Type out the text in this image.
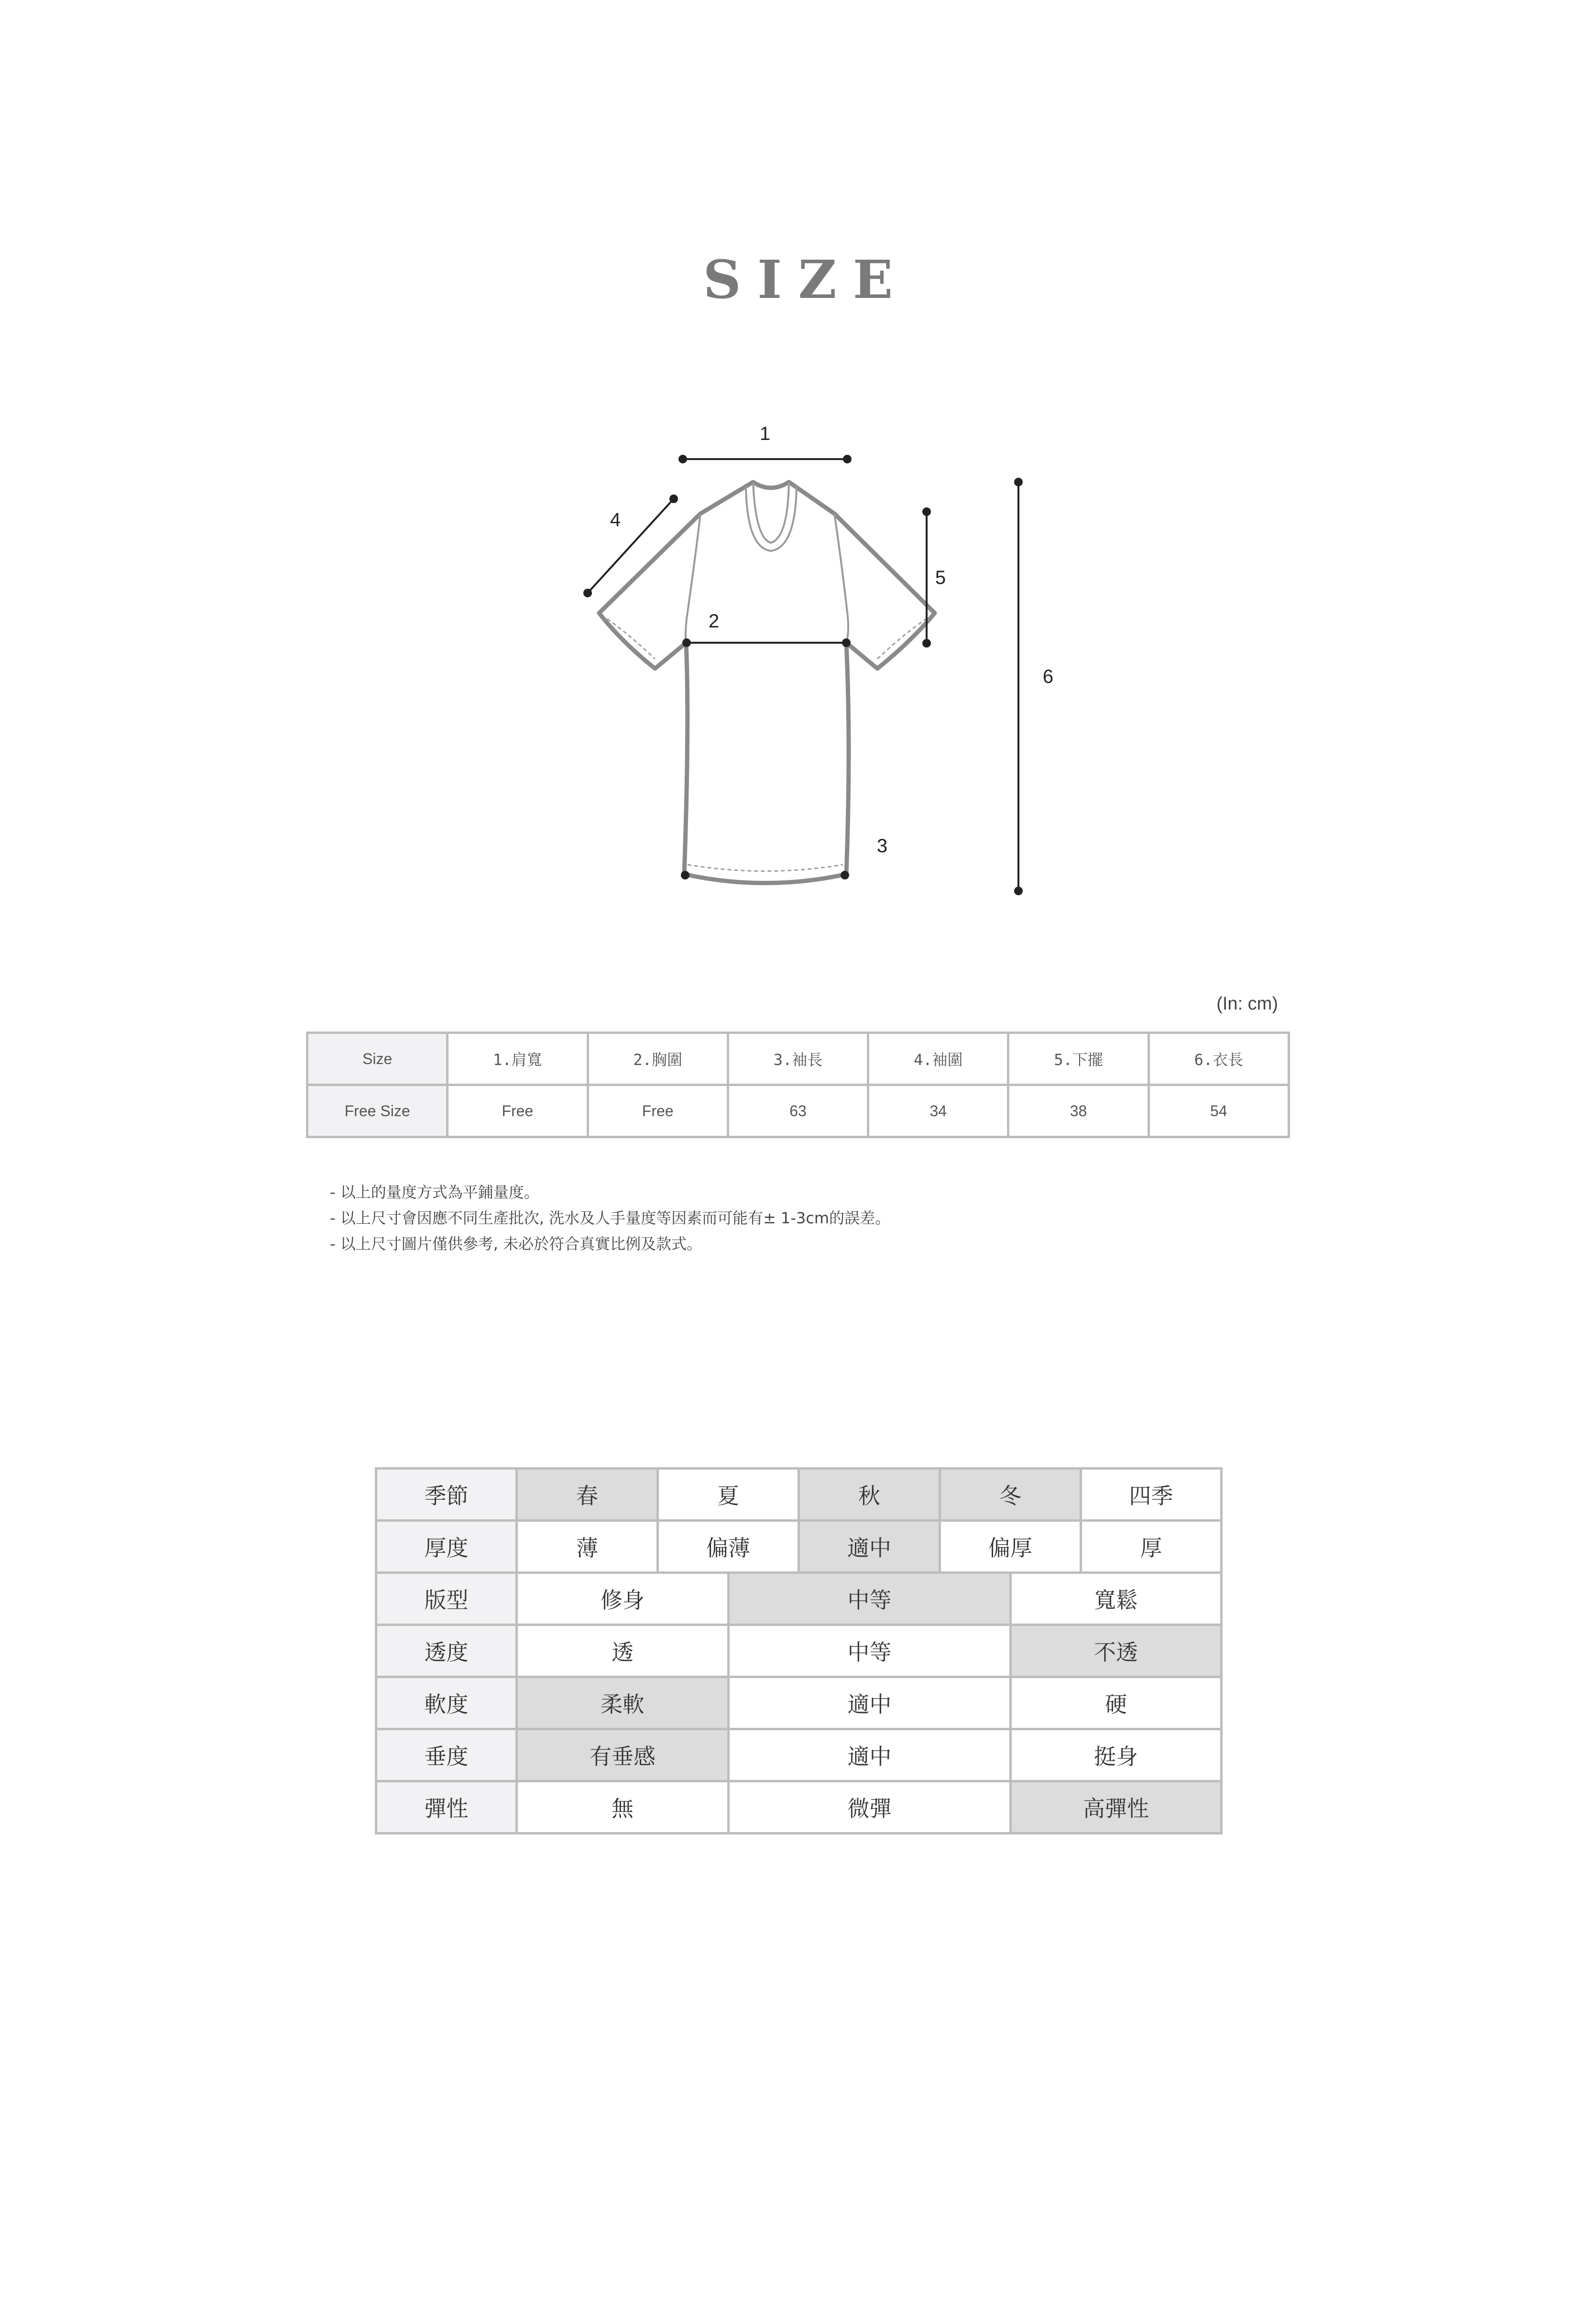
SIZE
1
2
3
4
5
6
(In: cm)
Size	1.肩寬	2.胸圍	3.袖長	4.袖圍	5.下擺	6.衣長
Free Size	Free	Free	63	34	38	54
- 以上的量度方式為平鋪量度。
- 以上尺寸會因應不同生產批次, 洗水及人手量度等因素而可能有± 1-3cm的誤差。
- 以上尺寸圖片僅供參考, 未必於符合真實比例及款式。
季節	春	夏		秋	冬		四季
厚度	薄	偏薄		適中	偏厚		厚
版型	修身		中等			寬鬆	
透度	透		中等			不透	
軟度	柔軟		適中			硬	
垂度	有垂感		適中			挺身	
彈性	無		微彈			高彈性	
